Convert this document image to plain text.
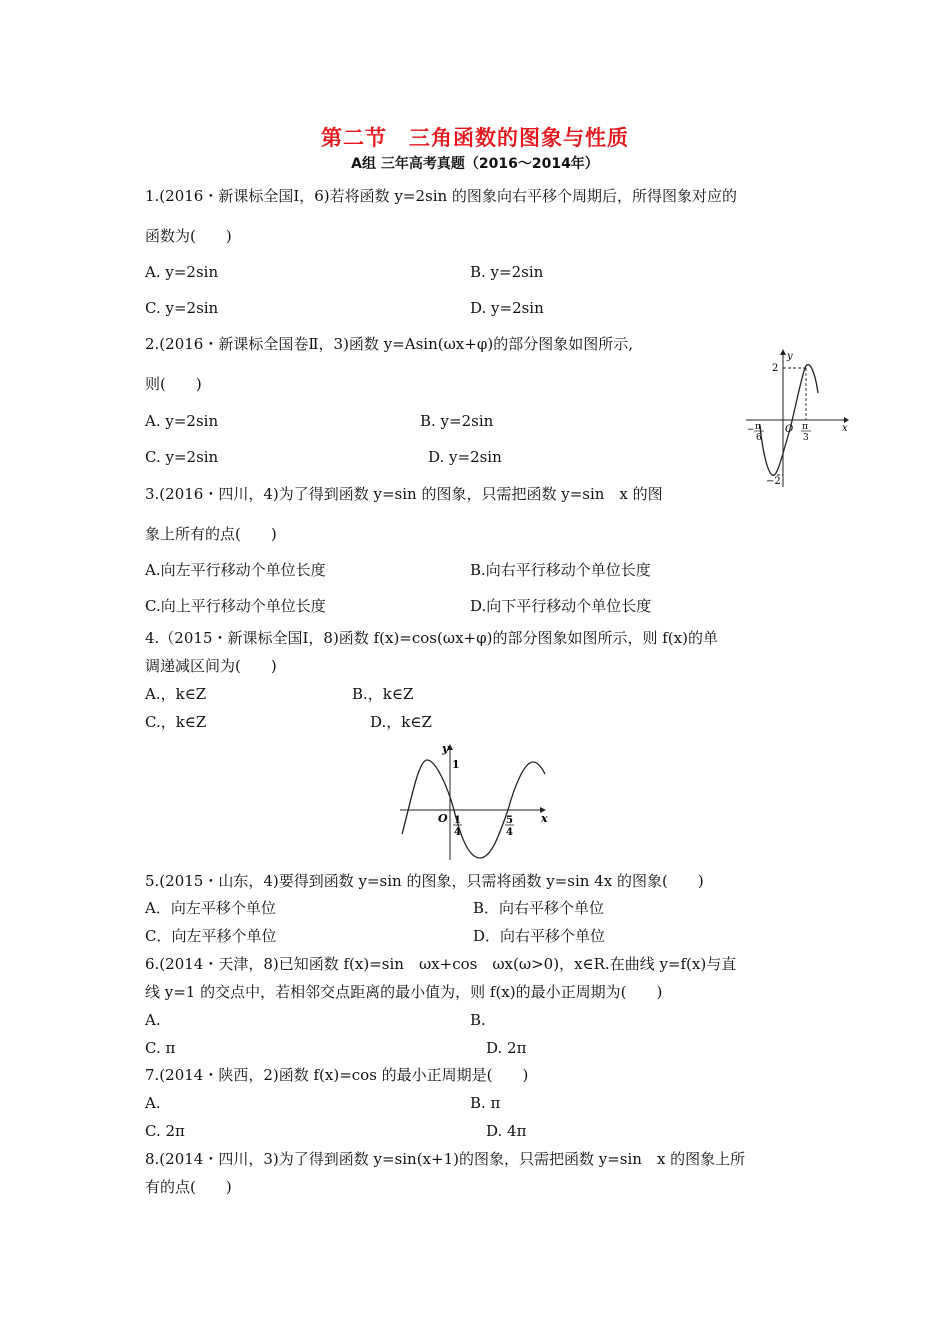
第二节　三角函数的图象与性质
A组 三年高考真题（2016～2014年）
1.(2016・新课标全国Ⅰ，6)若将函数 y=2sin 的图象向右平移个周期后，所得图象对应的
函数为(　　)
A. y=2sin	B. y=2sin
C. y=2sin	D. y=2sin
2.(2016・新课标全国卷Ⅱ，3)函数 y=Asin(ωx+φ)的部分图象如图所示,
则(　　)
A. y=2sin	B. y=2sin
C. y=2sin	D. y=2sin
y
x
O
2
−2
− π
6
π
3
3.(2016・四川，4)为了得到函数 y=sin 的图象，只需把函数 y=sin　x 的图
象上所有的点(　　)
A.向左平行移动个单位长度	B.向右平行移动个单位长度
C.向上平行移动个单位长度	D.向下平行移动个单位长度
4.（2015・新课标全国Ⅰ，8)函数 f(x)=cos(ωx+φ)的部分图象如图所示，则 f(x)的单
调递减区间为(　　)
A.，k∈Z	B.，k∈Z
C.，k∈Z	D.，k∈Z
y
x
O
1
1
4
5
4
5.(2015・山东，4)要得到函数 y=sin 的图象，只需将函数 y=sin 4x 的图象(　　)
A．向左平移个单位	B．向右平移个单位
C．向左平移个单位	D．向右平移个单位
6.(2014・天津，8)已知函数 f(x)=sin　ωx+cos　ωx(ω>0)，x∈R.在曲线 y=f(x)与直
线 y=1 的交点中，若相邻交点距离的最小值为，则 f(x)的最小正周期为(　　)
A.	B.
C. π	D. 2π
7.(2014・陕西，2)函数 f(x)=cos 的最小正周期是(　　)
A.	B. π
C. 2π	D. 4π
8.(2014・四川，3)为了得到函数 y=sin(x+1)的图象，只需把函数 y=sin　x 的图象上所
有的点(　　)
